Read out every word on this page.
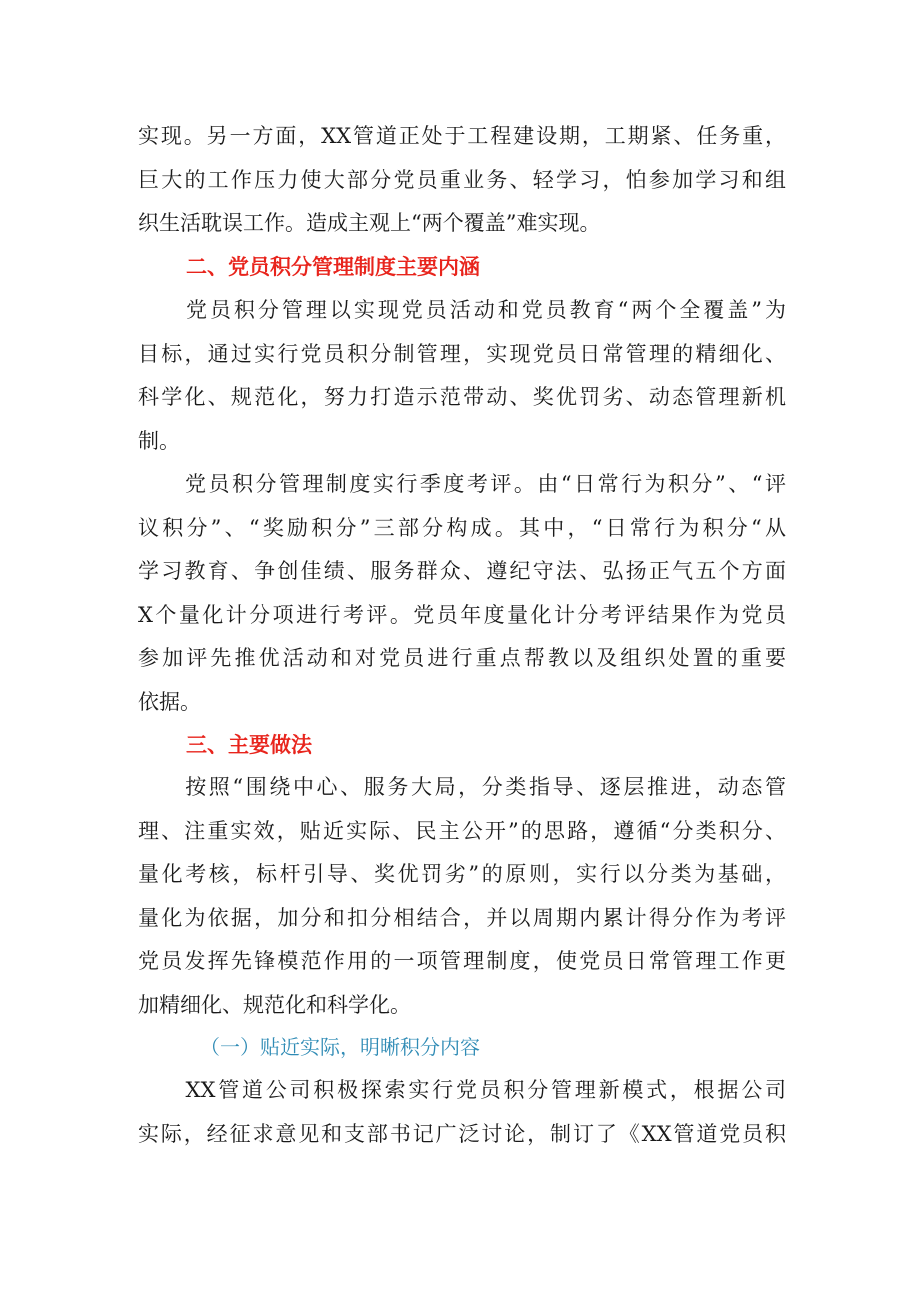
实现。另一方面，XX管道正处于工程建设期，工期紧、任务重，
巨大的工作压力使大部分党员重业务、轻学习，怕参加学习和组
织生活耽误工作。造成主观上“两个覆盖”难实现。
二、党员积分管理制度主要内涵
　　党员积分管理以实现党员活动和党员教育“两个全覆盖”为
目标，通过实行党员积分制管理，实现党员日常管理的精细化、
科学化、规范化，努力打造示范带动、奖优罚劣、动态管理新机
制。
　　党员积分管理制度实行季度考评。由“日常行为积分”、“评
议积分”、“奖励积分”三部分构成。其中，“日常行为积分“从
学习教育、争创佳绩、服务群众、遵纪守法、弘扬正气五个方面
X个量化计分项进行考评。党员年度量化计分考评结果作为党员
参加评先推优活动和对党员进行重点帮教以及组织处置的重要
依据。
三、主要做法
　　按照“围绕中心、服务大局，分类指导、逐层推进，动态管
理、注重实效，贴近实际、民主公开”的思路，遵循“分类积分、
量化考核，标杆引导、奖优罚劣”的原则，实行以分类为基础，
量化为依据，加分和扣分相结合，并以周期内累计得分作为考评
党员发挥先锋模范作用的一项管理制度，使党员日常管理工作更
加精细化、规范化和科学化。
（一）贴近实际，明晰积分内容
　　XX管道公司积极探索实行党员积分管理新模式，根据公司
实际，经征求意见和支部书记广泛讨论，制订了《XX管道党员积
